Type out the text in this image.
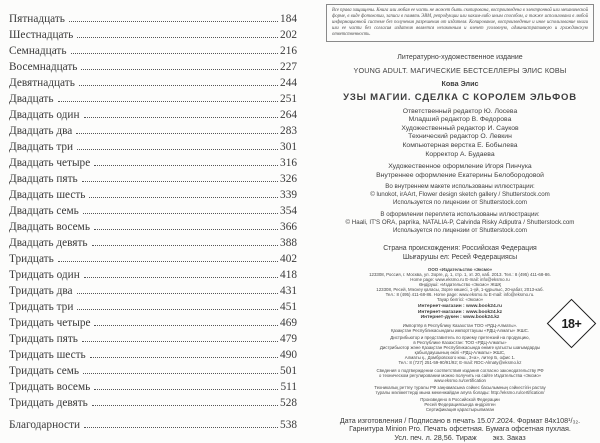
Пятнадцать	184
Шестнадцать	202
Семнадцать	216
Восемнадцать	227
Девятнадцать	244
Двадцать	251
Двадцать один	264
Двадцать два	283
Двадцать три	301
Двадцать четыре	316
Двадцать пять	326
Двадцать шесть	339
Двадцать семь	354
Двадцать восемь	366
Двадцать девять	388
Тридцать	402
Тридцать один	418
Тридцать два	431
Тридцать три	451
Тридцать четыре	469
Тридцать пять	479
Тридцать шесть	490
Тридцать семь	501
Тридцать восемь	511
Тридцать девять	528
Благодарности	538
Все права защищены. Книга или любая ее часть не может быть скопирована, воспроизведена в электронной или механической форме, в виде фотокопии, записи в память ЭВМ, репродукции или каким-либо иным способом, а также использована в любой информационной системе без получения разрешения от издателя. Копирование, воспроизведение и иное использование книги или ее части без согласия издателя является незаконным и влечет уголовную, административную и гражданскую ответственность.
Литературно-художественное издание
YOUNG ADULT. МАГИЧЕСКИЕ БЕСТСЕЛЛЕРЫ ЭЛИС КОВЫ
Кова Элис
УЗЫ МАГИИ. СДЕЛКА С КОРОЛЕМ ЭЛЬФОВ
Ответственный редактор Ю. Лосева
Младший редактор В. Федорова
Художественный редактор И. Сауков
Технический редактор О. Левкин
Компьютерная верстка Е. Бобылева
Корректор А. Будаева
Художественное оформление Игоря Пинчука
Внутреннее оформление Екатерины Белобородовой
Во внутреннем макете использованы иллюстрации:
© lunokot, irAArt, Flower design sketch gallery / Shutterstock.com
Используется по лицензии от Shutterstock.com
В оформлении переплета использованы иллюстрации:
© Haali, IT'S ORA, paprika, NATALIA-P, Calvinda Risky Adiputra / Shutterstock.com
Используется по лицензии от Shutterstock.com
Страна происхождения: Российская Федерация
Шығарушы ел: Ресей Федерациясы
ООО «Издательство «Эксмо»
123308, Россия, г. Москва, ул. Зорге, д. 1, стр. 1, эт. 20, каб. 2013. Тел.: 8 (495) 411-68-86.
Home page: www.eksmo.ru E-mail: info@eksmo.ru
Өндіруші: «Издательство «Эксмо» ЖШҚ
123308, Ресей, Мәскеу қаласы, Зорге көшесі, 1-үй, 1-құрылыс, 20-қабат, 2013-каб.
Тел.: 8 (495) 411-68-86. Home page: www.eksmo.ru E-mail: info@eksmo.ru.
Тауар белгісі: «Эксмо»
Интернет-магазин : www.book24.ru
Интернет-магазин : www.book24.kz
Интернет-дүкен : www.book24.kz
Импортёр в Республику Казахстан ТОО «РДЦ-Алматы».
Қазақстан Республикасындағы импорттаушы «РДЦ-Алматы» ЖШС.
Дистрибьютор и представитель по приему претензий на продукцию,
в Республике Казахстан: ТОО «РДЦ-Алматы»
Дистрибьютор және Қазақстан Республикасында өнімге қатысты шағымдарды
қабылдаушының өкілі «РДЦ-Алматы» ЖШС,
Алматы қ., Домбровского көш., 3«а», литер Б, офис 1.
Тел.: 8 (727) 251-59-90/91/92; E-mail: RDC-Almaty@eksmo.kz
Сведения о подтверждении соответствия издания согласно законодательству РФ
о техническом регулировании можно получить на сайте Издательства «Эксмо»
www.eksmo.ru/certification
Техникалық реттеу туралы РФ заңнамасына сәйкес басылымның сәйкестігін растау
туралы мәліметтерді мына мекенжайдан алуға болады: http://eksmo.ru/certification/
Произведено в Российской Федерации
Ресей Федерациясында өндірілген
Сертификация қарастырылмаған
Дата изготовления / Подписано в печать 15.07.2024. Формат 84х108¹/₃₂.
Гарнитура Minion Pro. Печать офсетная. Бумага офсетная пухлая.
Усл. печ. л. 28,56. Тираж        экз. Заказ
18+
